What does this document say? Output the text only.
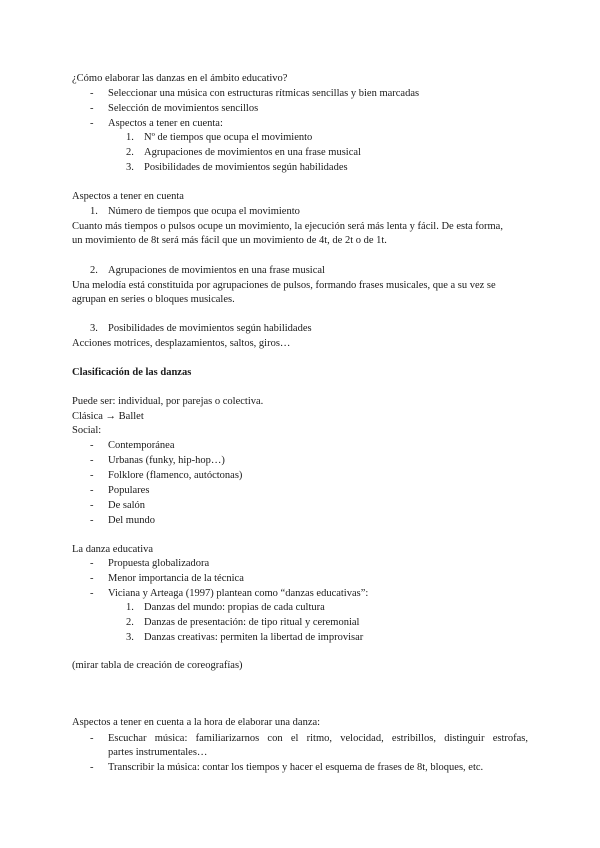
¿Cómo elaborar las danzas en el ámbito educativo?
- Seleccionar una música con estructuras rítmicas sencillas y bien marcadas
- Selección de movimientos sencillos
- Aspectos a tener en cuenta:
1. Nº de tiempos que ocupa el movimiento
2. Agrupaciones de movimientos en una frase musical
3. Posibilidades de movimientos según habilidades
Aspectos a tener en cuenta
1. Número de tiempos que ocupa el movimiento
Cuanto más tiempos o pulsos ocupe un movimiento, la ejecución será más lenta y fácil. De esta forma,
un movimiento de 8t será más fácil que un movimiento de 4t, de 2t o de 1t.
2. Agrupaciones de movimientos en una frase musical
Una melodía está constituida por agrupaciones de pulsos, formando frases musicales, que a su vez se
agrupan en series o bloques musicales.
3. Posibilidades de movimientos según habilidades
Acciones motrices, desplazamientos, saltos, giros…
Clasificación de las danzas
Puede ser: individual, por parejas o colectiva.
Clásica → Ballet
Social:
- Contemporánea
- Urbanas (funky, hip-hop…)
- Folklore (flamenco, autóctonas)
- Populares
- De salón
- Del mundo
La danza educativa
- Propuesta globalizadora
- Menor importancia de la técnica
- Viciana y Arteaga (1997) plantean como “danzas educativas”:
1. Danzas del mundo: propias de cada cultura
2. Danzas de presentación: de tipo ritual y ceremonial
3. Danzas creativas: permiten la libertad de improvisar
(mirar tabla de creación de coreografías)
Aspectos a tener en cuenta a la hora de elaborar una danza:
- Escuchar música: familiarizarnos con el ritmo, velocidad, estribillos, distinguir estrofas,
partes instrumentales…
- Transcribir la música: contar los tiempos y hacer el esquema de frases de 8t, bloques, etc.
